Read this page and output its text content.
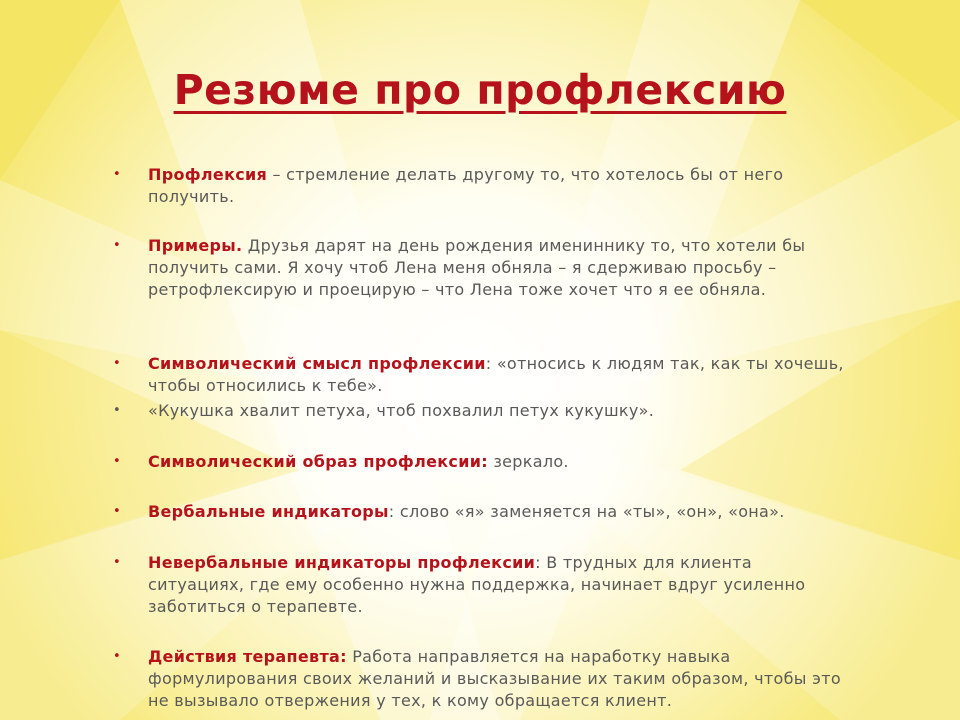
Резюме про профлексию
• Профлексия – стремление делать другому то, что хотелось бы от него получить.
• Примеры. Друзья дарят на день рождения имениннику то, что хотели бы получить сами. Я хочу чтоб Лена меня обняла – я сдерживаю просьбу – ретрофлексирую и проецирую – что Лена тоже хочет что я ее обняла.
• Символический смысл профлексии: «относись к людям так, как ты хочешь, чтобы относились к тебе».
• «Кукушка хвалит петуха, чтоб похвалил петух кукушку».
• Символический образ профлексии: зеркало.
• Вербальные индикаторы: слово «я» заменяется на «ты», «он», «она».
• Невербальные индикаторы профлексии: В трудных для клиента ситуациях, где ему особенно нужна поддержка, начинает вдруг усиленно заботиться о терапевте.
• Действия терапевта: Работа направляется на наработку навыка формулирования своих желаний и высказывание их таким образом, чтобы это не вызывало отвержения у тех, к кому обращается клиент.
